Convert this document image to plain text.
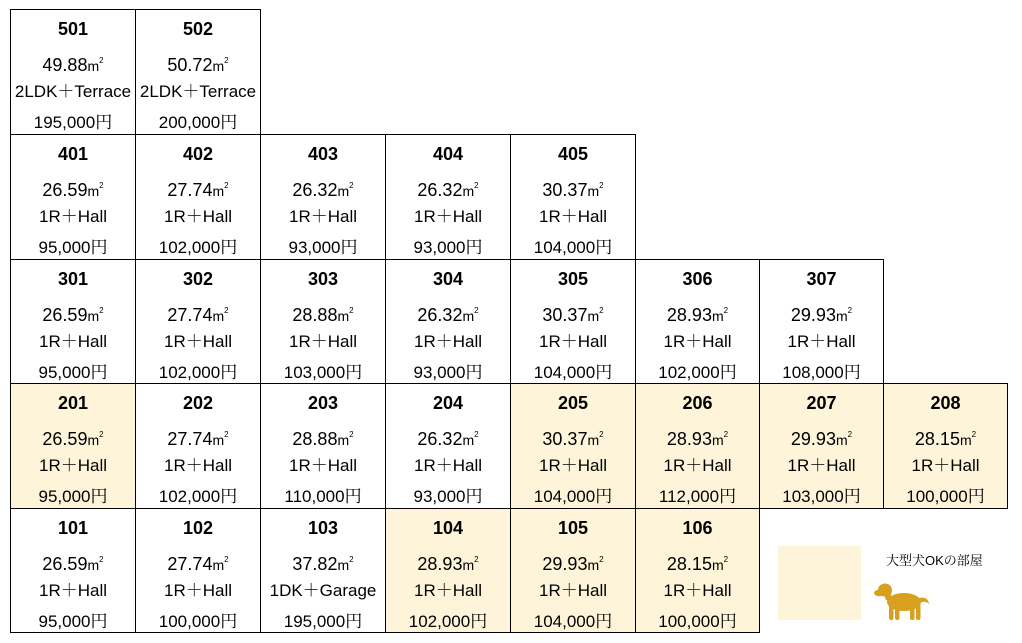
501
$49.88m^2$
2LDK＋Terrace
195,000円
502
$50.72m^2$
2LDK＋Terrace
200,000円
401
$26.59m^2$
1R＋Hall
95,000円
402
$27.74m^2$
1R＋Hall
102,000円
403
$26.32m^2$
1R＋Hall
93,000円
404
$26.32m^2$
1R＋Hall
93,000円
405
$30.37m^2$
1R＋Hall
104,000円
301
$26.59m^2$
1R＋Hall
95,000円
302
$27.74m^2$
1R＋Hall
102,000円
303
$28.88m^2$
1R＋Hall
103,000円
304
$26.32m^2$
1R＋Hall
93,000円
305
$30.37m^2$
1R＋Hall
104,000円
306
$28.93m^2$
1R＋Hall
102,000円
307
$29.93m^2$
1R＋Hall
108,000円
201
$26.59m^2$
1R＋Hall
95,000円
202
$27.74m^2$
1R＋Hall
102,000円
203
$28.88m^2$
1R＋Hall
110,000円
204
$26.32m^2$
1R＋Hall
93,000円
205
$30.37m^2$
1R＋Hall
104,000円
206
$28.93m^2$
1R＋Hall
112,000円
207
$29.93m^2$
1R＋Hall
103,000円
208
$28.15m^2$
1R＋Hall
100,000円
101
$26.59m^2$
1R＋Hall
95,000円
102
$27.74m^2$
1R＋Hall
100,000円
103
$37.82m^2$
1DK＋Garage
195,000円
104
$28.93m^2$
1R＋Hall
102,000円
105
$29.93m^2$
1R＋Hall
104,000円
106
$28.15m^2$
1R＋Hall
100,000円
大型犬OKの部屋
